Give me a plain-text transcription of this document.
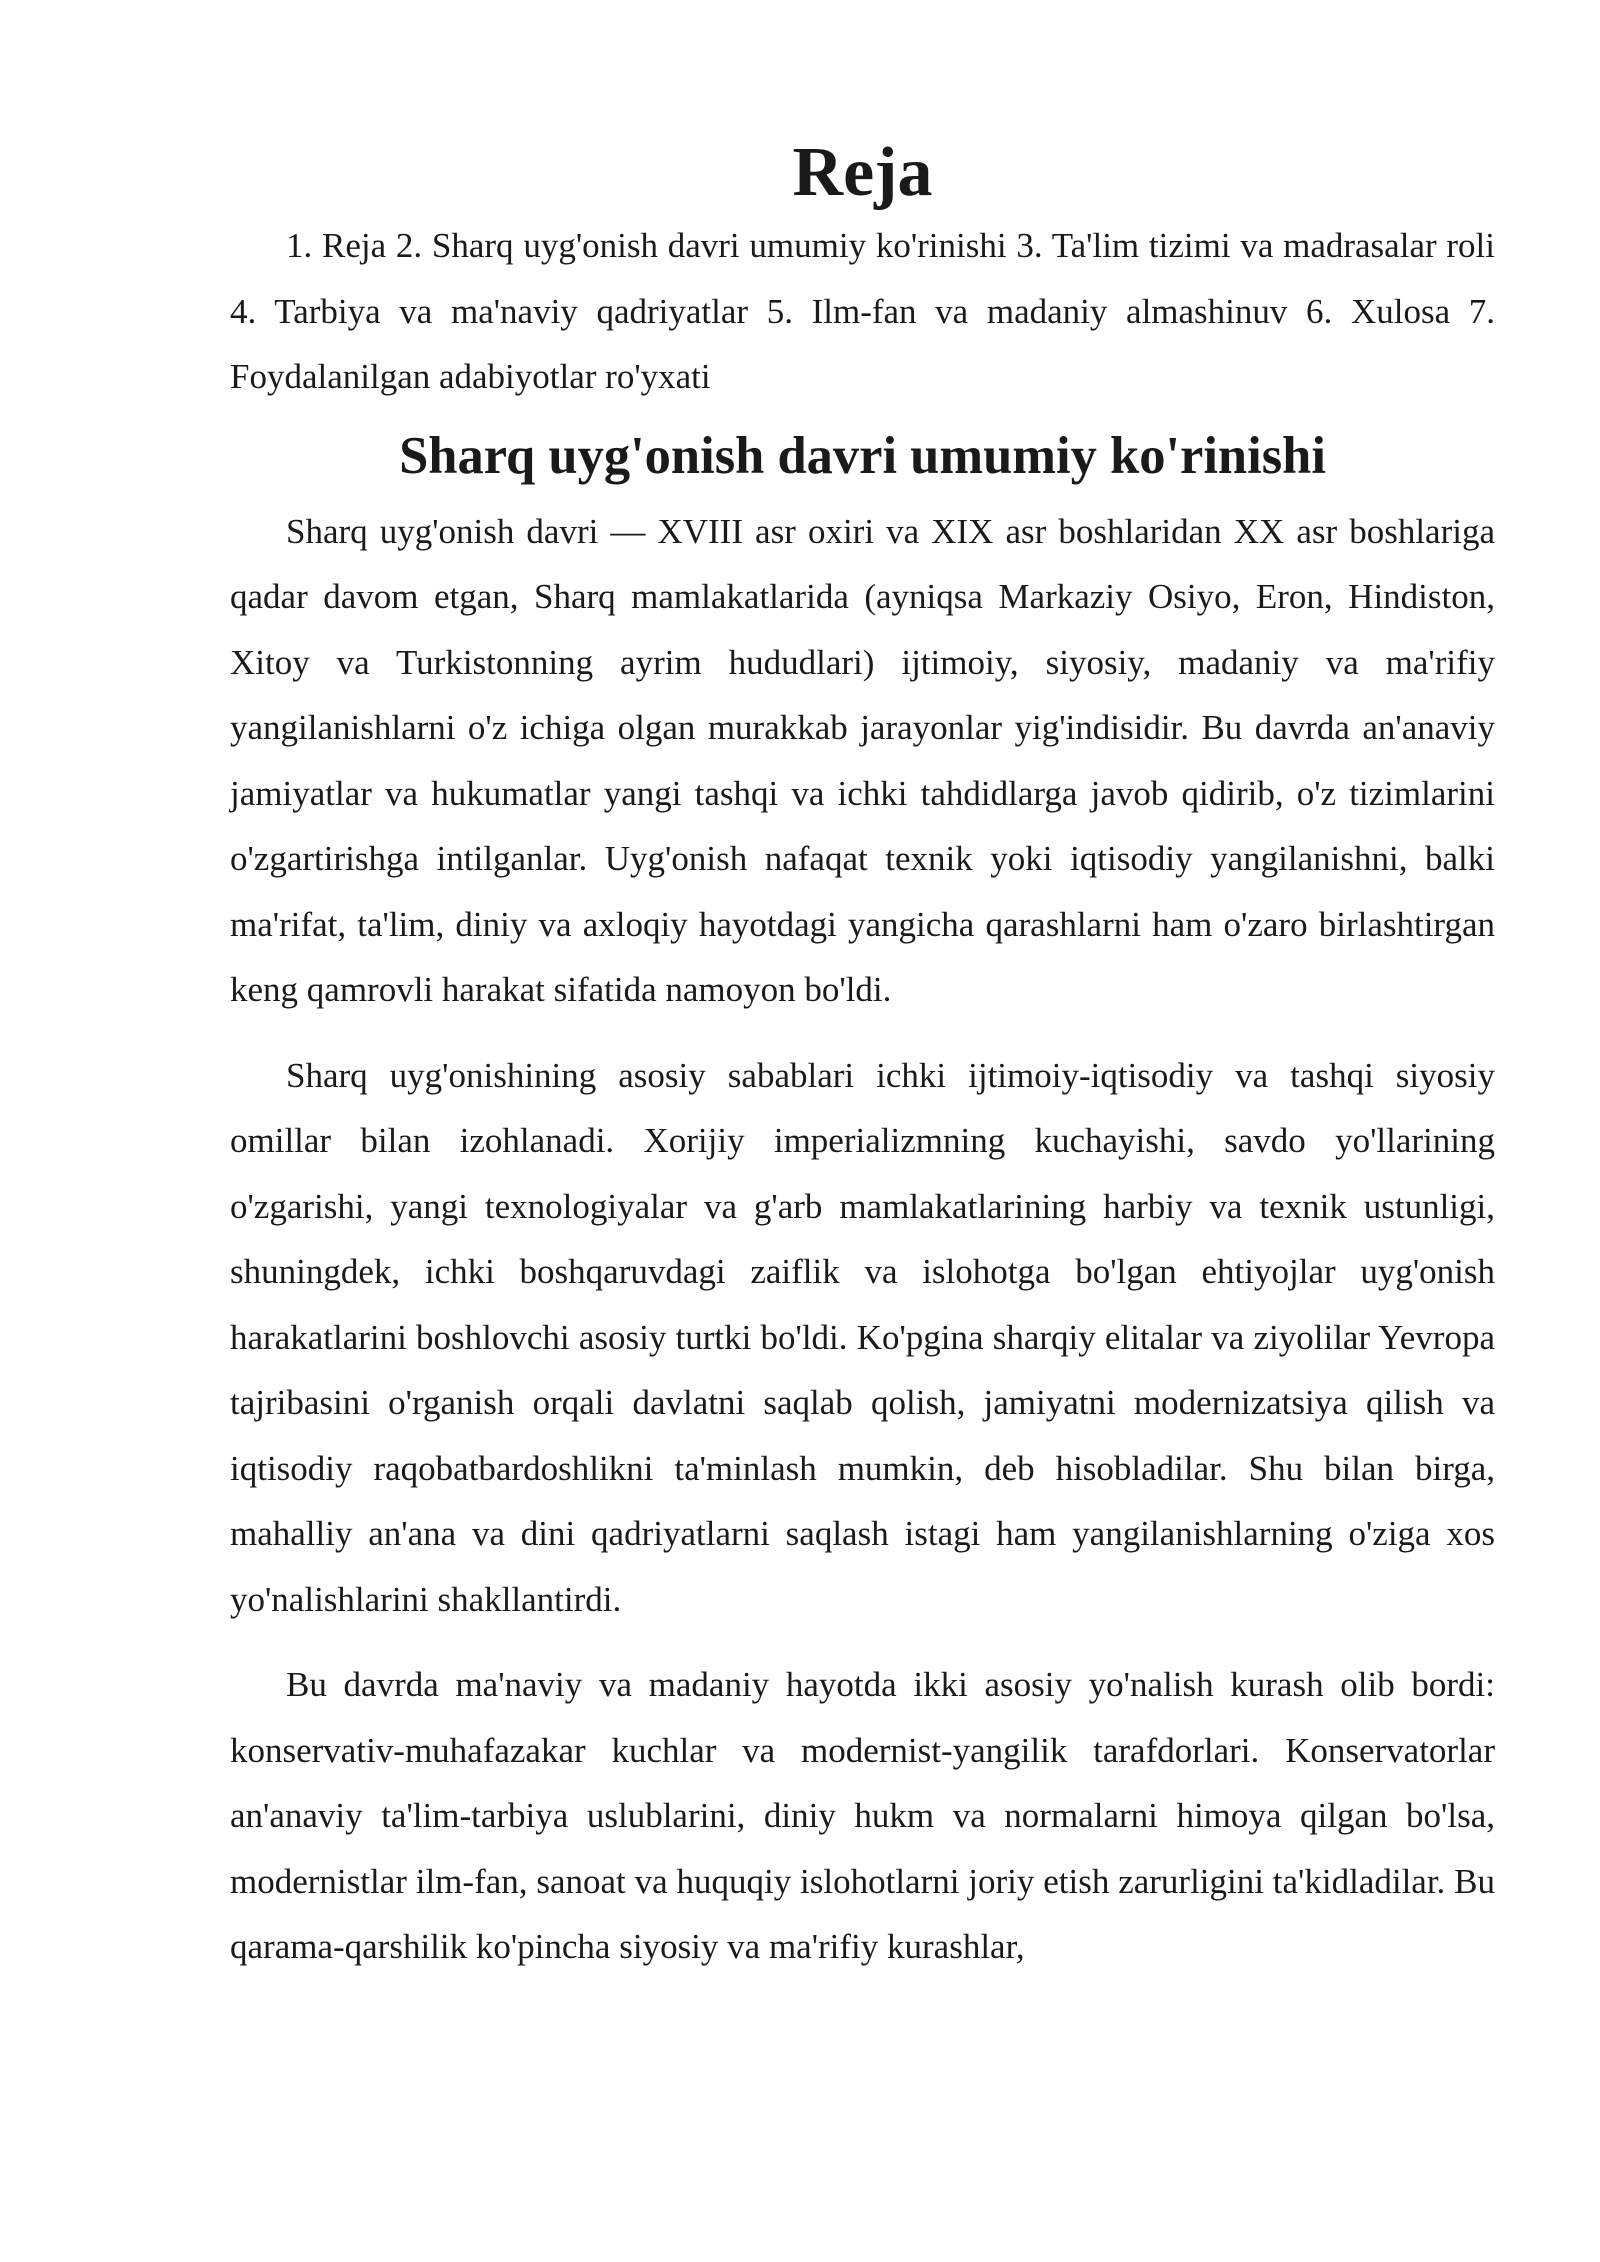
Reja

1. Reja 2. Sharq uyg'onish davri umumiy ko'rinishi 3. Ta'lim tizimi va madrasalar roli 4. Tarbiya va ma'naviy qadriyatlar 5. Ilm-fan va madaniy almashinuv 6. Xulosa 7. Foydalanilgan adabiyotlar ro'yxati

Sharq uyg'onish davri umumiy ko'rinishi

Sharq uyg'onish davri — XVIII asr oxiri va XIX asr boshlaridan XX asr boshlariga qadar davom etgan, Sharq mamlakatlarida (ayniqsa Markaziy Osiyo, Eron, Hindiston, Xitoy va Turkistonning ayrim hududlari) ijtimoiy, siyosiy, madaniy va ma'rifiy yangilanishlarni o'z ichiga olgan murakkab jarayonlar yig'indisidir. Bu davrda an'anaviy jamiyatlar va hukumatlar yangi tashqi va ichki tahdidlarga javob qidirib, o'z tizimlarini o'zgartirishga intilganlar. Uyg'onish nafaqat texnik yoki iqtisodiy yangilanishni, balki ma'rifat, ta'lim, diniy va axloqiy hayotdagi yangicha qarashlarni ham o'zaro birlashtirgan keng qamrovli harakat sifatida namoyon bo'ldi.

Sharq uyg'onishining asosiy sabablari ichki ijtimoiy-iqtisodiy va tashqi siyosiy omillar bilan izohlanadi. Xorijiy imperializmning kuchayishi, savdo yo'llarining o'zgarishi, yangi texnologiyalar va g'arb mamlakatlarining harbiy va texnik ustunligi, shuningdek, ichki boshqaruvdagi zaiflik va islohotga bo'lgan ehtiyojlar uyg'onish harakatlarini boshlovchi asosiy turtki bo'ldi. Ko'pgina sharqiy elitalar va ziyolilar Yevropa tajribasini o'rganish orqali davlatni saqlab qolish, jamiyatni modernizatsiya qilish va iqtisodiy raqobatbardoshlikni ta'minlash mumkin, deb hisobladilar. Shu bilan birga, mahalliy an'ana va dini qadriyatlarni saqlash istagi ham yangilanishlarning o'ziga xos yo'nalishlarini shakllantirdi.

Bu davrda ma'naviy va madaniy hayotda ikki asosiy yo'nalish kurash olib bordi: konservativ-muhafazakar kuchlar va modernist-yangilik tarafdorlari. Konservatorlar an'anaviy ta'lim-tarbiya uslublarini, diniy hukm va normalarni himoya qilgan bo'lsa, modernistlar ilm-fan, sanoat va huquqiy islohotlarni joriy etish zarurligini ta'kidladilar. Bu qarama-qarshilik ko'pincha siyosiy va ma'rifiy kurashlar,
